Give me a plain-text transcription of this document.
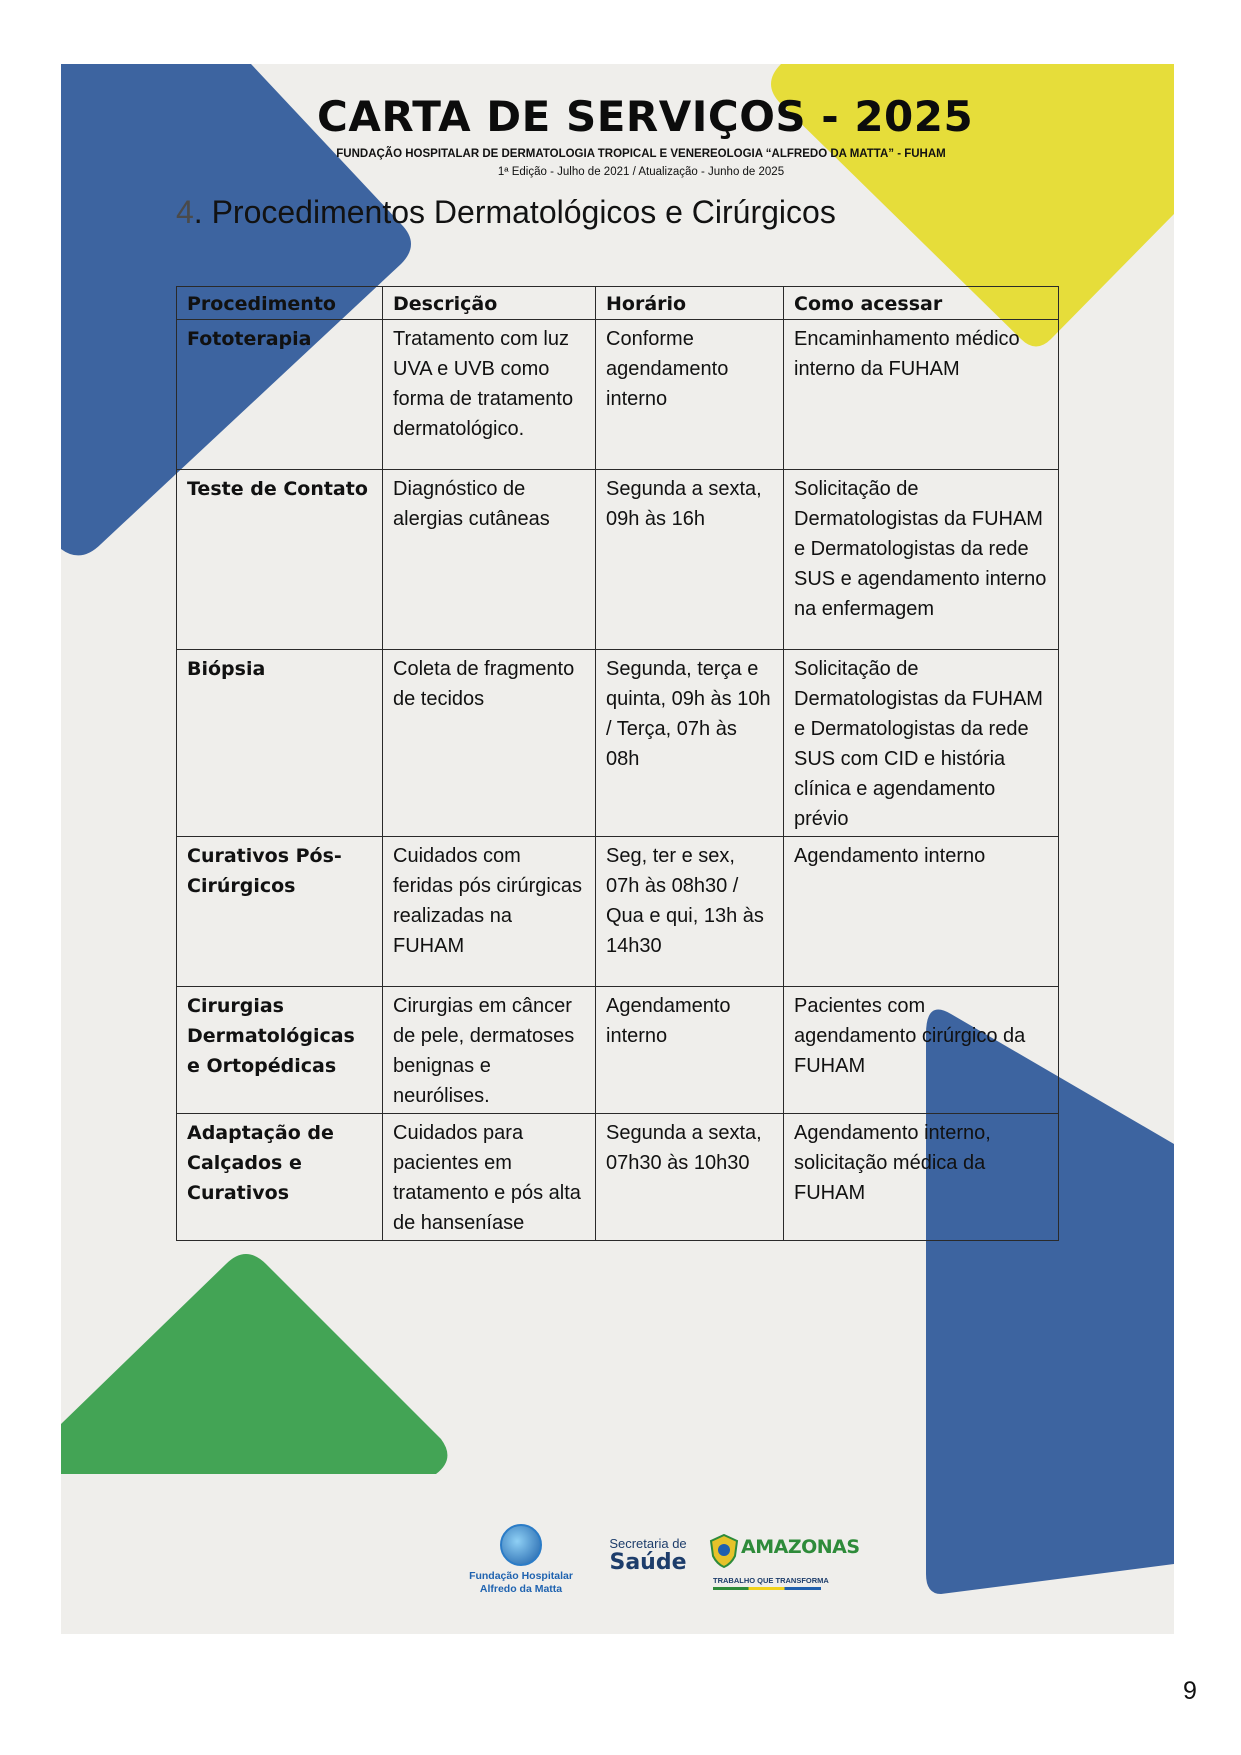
CARTA DE SERVIÇOS - 2025
FUNDAÇÃO HOSPITALAR DE DERMATOLOGIA TROPICAL E VENEREOLOGIA “ALFREDO DA MATTA” - FUHAM
1ª Edição - Julho de 2021 / Atualização - Junho de 2025
4. Procedimentos Dermatológicos e Cirúrgicos
Procedimento	Descrição	Horário	Como acessar
Fototerapia	Tratamento com luz UVA e UVB como forma de tratamento dermatológico.	Conforme agendamento interno	Encaminhamento médico interno da FUHAM
Teste de Contato	Diagnóstico de alergias cutâneas	Segunda a sexta, 09h às 16h	Solicitação de Dermatologistas da FUHAM e Dermatologistas da rede SUS e agendamento interno na enfermagem
Biópsia	Coleta de fragmento de tecidos	Segunda, terça e quinta, 09h às 10h / Terça, 07h às 08h	Solicitação de Dermatologistas da FUHAM e Dermatologistas da rede SUS com CID e história clínica e agendamento prévio
Curativos Pós-Cirúrgicos	Cuidados com feridas pós cirúrgicas realizadas na FUHAM	Seg, ter e sex, 07h às 08h30 / Qua e qui, 13h às 14h30	Agendamento interno
Cirurgias Dermatológicas e Ortopédicas	Cirurgias em câncer de pele, dermatoses benignas e neurólises.	Agendamento interno	Pacientes com agendamento cirúrgico da FUHAM
Adaptação de Calçados e Curativos	Cuidados para pacientes em tratamento e pós alta de hanseníase	Segunda a sexta, 07h30 às 10h30	Agendamento interno, solicitação médica da FUHAM
Fundação Hospitalar Alfredo da Matta
Secretaria de
Saúde
AMAZONAS
TRABALHO QUE TRANSFORMA
9
